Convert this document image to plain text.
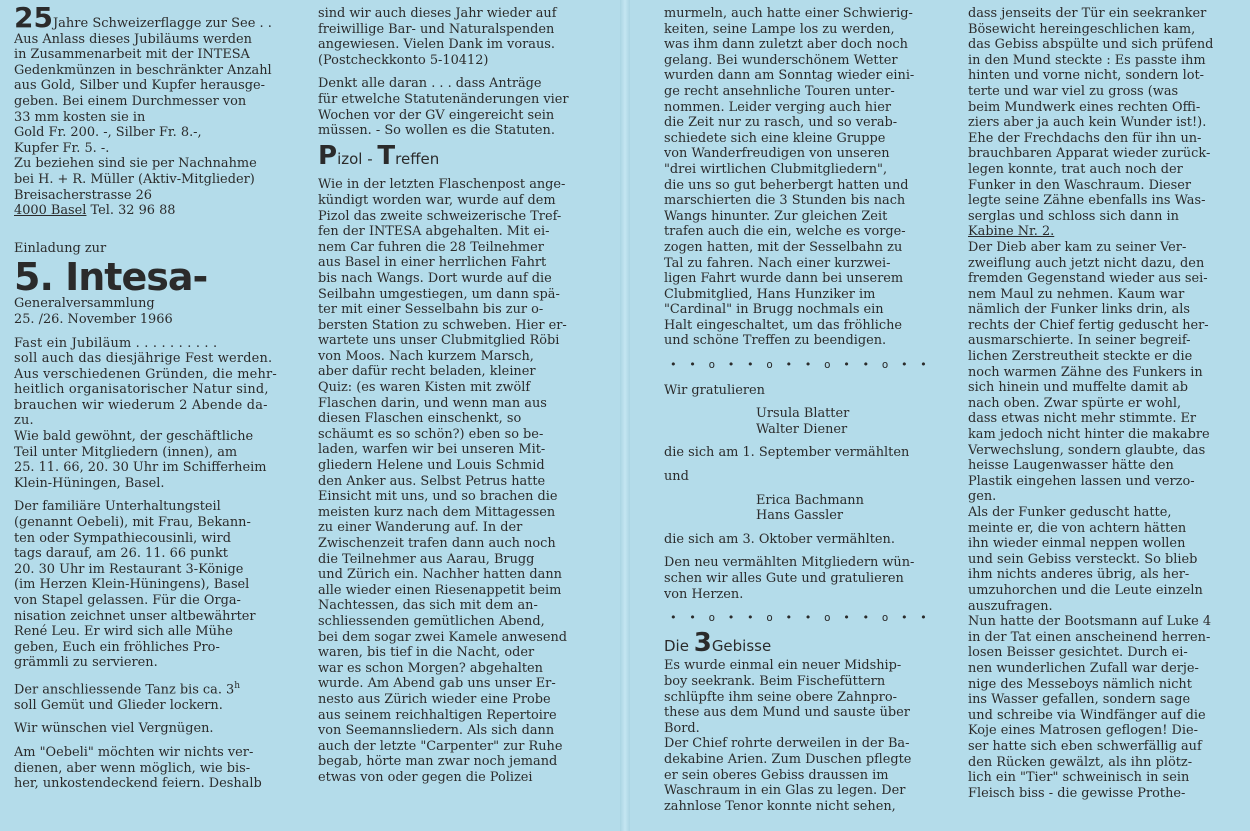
25Jahre Schweizerflagge zur See . .

Aus Anlass dieses Jubiläums werden
in Zusammenarbeit mit der INTESA
Gedenkmünzen in beschränkter Anzahl
aus Gold, Silber und Kupfer herausge-
geben. Bei einem Durchmesser von
33 mm kosten sie in
Gold Fr. 200. -, Silber Fr. 8.-,
Kupfer Fr. 5. -.
Zu beziehen sind sie per Nachnahme
bei H. + R. Müller (Aktiv-Mitglieder)
Breisacherstrasse 26
4000 Basel Tel. 32 96 88

Einladung zur

5. Intesa-

Generalversammlung

25. /26. November 1966

Fast ein Jubiläum . . . . . . . . . .
soll auch das diesjährige Fest werden.
Aus verschiedenen Gründen, die mehr-
heitlich organisatorischer Natur sind,
brauchen wir wiederum 2 Abende da-
zu.

Wie bald gewöhnt, der geschäftliche
Teil unter Mitgliedern (innen), am
25. 11. 66, 20. 30 Uhr im Schifferheim
Klein-Hüningen, Basel.

Der familiäre Unterhaltungsteil
(genannt Oebeli), mit Frau, Bekann-
ten oder Sympathiecousinli, wird
tags darauf, am 26. 11. 66 punkt
20. 30 Uhr im Restaurant 3-Könige
(im Herzen Klein-Hüningens), Basel
von Stapel gelassen. Für die Orga-
nisation zeichnet unser altbewährter
René Leu. Er wird sich alle Mühe
geben, Euch ein fröhliches Pro-
grämmli zu servieren.

Der anschliessende Tanz bis ca. 3$^h$
soll Gemüt und Glieder lockern.

Wir wünschen viel Vergnügen.

Am "Oebeli" möchten wir nichts ver-
dienen, aber wenn möglich, wie bis-
her, unkostendeckend feiern. Deshalb

sind wir auch dieses Jahr wieder auf
freiwillige Bar- und Naturalspenden
angewiesen. Vielen Dank im voraus.
(Postcheckkonto 5-10412)

Denkt alle daran . . . dass Anträge
für etwelche Statutenänderungen vier
Wochen vor der GV eingereicht sein
müssen. - So wollen es die Statuten.

Pizol - Treffen

Wie in der letzten Flaschenpost ange-
kündigt worden war, wurde auf dem
Pizol das zweite schweizerische Tref-
fen der INTESA abgehalten. Mit ei-
nem Car fuhren die 28 Teilnehmer
aus Basel in einer herrlichen Fahrt
bis nach Wangs. Dort wurde auf die
Seilbahn umgestiegen, um dann spä-
ter mit einer Sesselbahn bis zur o-
bersten Station zu schweben. Hier er-
wartete uns unser Clubmitglied Röbi
von Moos. Nach kurzem Marsch,
aber dafür recht beladen, kleiner
Quiz: (es waren Kisten mit zwölf
Flaschen darin, und wenn man aus
diesen Flaschen einschenkt, so
schäumt es so schön?) eben so be-
laden, warfen wir bei unseren Mit-
gliedern Helene und Louis Schmid
den Anker aus. Selbst Petrus hatte
Einsicht mit uns, und so brachen die
meisten kurz nach dem Mittagessen
zu einer Wanderung auf. In der
Zwischenzeit trafen dann auch noch
die Teilnehmer aus Aarau, Brugg
und Zürich ein. Nachher hatten dann
alle wieder einen Riesenappetit beim
Nachtessen, das sich mit dem an-
schliessenden gemütlichen Abend,
bei dem sogar zwei Kamele anwesend
waren, bis tief in die Nacht, oder
war es schon Morgen? abgehalten
wurde. Am Abend gab uns unser Er-
nesto aus Zürich wieder eine Probe
aus seinem reichhaltigen Repertoire
von Seemannsliedern. Als sich dann
auch der letzte "Carpenter" zur Ruhe
begab, hörte man zwar noch jemand
etwas von oder gegen die Polizei

murmeln, auch hatte einer Schwierig-
keiten, seine Lampe los zu werden,
was ihm dann zuletzt aber doch noch
gelang. Bei wunderschönem Wetter
wurden dann am Sonntag wieder eini-
ge recht ansehnliche Touren unter-
nommen. Leider verging auch hier
die Zeit nur zu rasch, und so verab-
schiedete sich eine kleine Gruppe
von Wanderfreudigen von unseren
"drei wirtlichen Clubmitgliedern",
die uns so gut beherbergt hatten und
marschierten die 3 Stunden bis nach
Wangs hinunter. Zur gleichen Zeit
trafen auch die ein, welche es vorge-
zogen hatten, mit der Sesselbahn zu
Tal zu fahren. Nach einer kurzwei-
ligen Fahrt wurde dann bei unserem
Clubmitglied, Hans Hunziker im
"Cardinal" in Brugg nochmals ein
Halt eingeschaltet, um das fröhliche
und schöne Treffen zu beendigen.

• • o • • o • • o • • o • •

Wir gratulieren

Ursula Blatter
Walter Diener

die sich am 1. September vermählten

und

Erica Bachmann
Hans Gassler

die sich am 3. Oktober vermählten.

Den neu vermählten Mitgliedern wün-
schen wir alles Gute und gratulieren
von Herzen.

• • o • • o • • o • • o • •

Die 3Gebisse

Es wurde einmal ein neuer Midship-
boy seekrank. Beim Fischefüttern
schlüpfte ihm seine obere Zahnpro-
these aus dem Mund und sauste über
Bord.
Der Chief rohrte derweilen in der Ba-
dekabine Arien. Zum Duschen pflegte
er sein oberes Gebiss draussen im
Waschraum in ein Glas zu legen. Der
zahnlose Tenor konnte nicht sehen,

dass jenseits der Tür ein seekranker
Bösewicht hereingeschlichen kam,
das Gebiss abspülte und sich prüfend
in den Mund steckte : Es passte ihm
hinten und vorne nicht, sondern lot-
terte und war viel zu gross (was
beim Mundwerk eines rechten Offi-
ziers aber ja auch kein Wunder ist!).
Ehe der Frechdachs den für ihn un-
brauchbaren Apparat wieder zurück-
legen konnte, trat auch noch der
Funker in den Waschraum. Dieser
legte seine Zähne ebenfalls ins Was-
serglas und schloss sich dann in
Kabine Nr. 2.
Der Dieb aber kam zu seiner Ver-
zweiflung auch jetzt nicht dazu, den
fremden Gegenstand wieder aus sei-
nem Maul zu nehmen. Kaum war
nämlich der Funker links drin, als
rechts der Chief fertig geduscht her-
ausmarschierte. In seiner begreif-
lichen Zerstreutheit steckte er die
noch warmen Zähne des Funkers in
sich hinein und muffelte damit ab
nach oben. Zwar spürte er wohl,
dass etwas nicht mehr stimmte. Er
kam jedoch nicht hinter die makabre
Verwechslung, sondern glaubte, das
heisse Laugenwasser hätte den
Plastik eingehen lassen und verzo-
gen.
Als der Funker geduscht hatte,
meinte er, die von achtern hätten
ihn wieder einmal neppen wollen
und sein Gebiss versteckt. So blieb
ihm nichts anderes übrig, als her-
umzuhorchen und die Leute einzeln
auszufragen.
Nun hatte der Bootsmann auf Luke 4
in der Tat einen anscheinend herren-
losen Beisser gesichtet. Durch ei-
nen wunderlichen Zufall war derje-
nige des Messeboys nämlich nicht
ins Wasser gefallen, sondern sage
und schreibe via Windfänger auf die
Koje eines Matrosen geflogen! Die-
ser hatte sich eben schwerfällig auf
den Rücken gewälzt, als ihn plötz-
lich ein "Tier" schweinisch in sein
Fleisch biss - die gewisse Prothe-
